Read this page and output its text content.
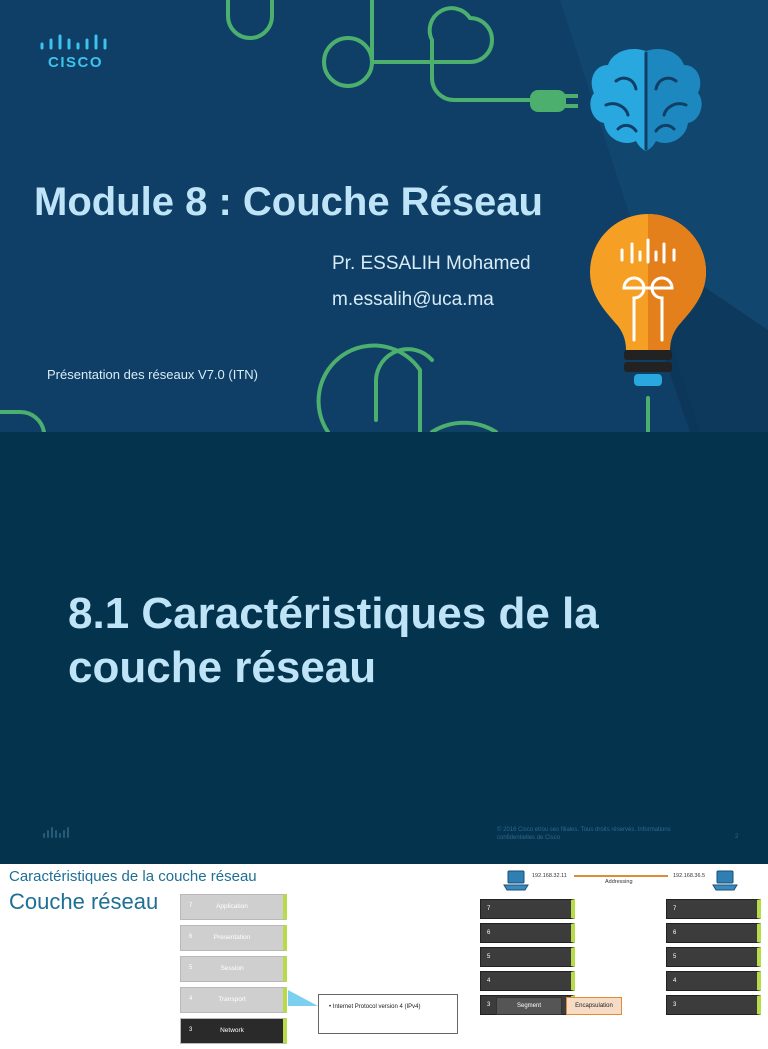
CISCO
Module 8 : Couche Réseau
Pr. ESSALIH Mohamed
m.essalih@uca.ma
Présentation des réseaux V7.0 (ITN)
8.1 Caractéristiques de la couche réseau
© 2016 Cisco et/ou ses filiales. Tous droits réservés. Informations confidentielles de Cisco	2
Caractéristiques de la couche réseau
Couche réseau	7	Application
6	Presentation
5	Session
4	Transport
3	Network
• Internet Protocol version 4 (IPv4)
192.168.32.11
Addressing
192.168.36.5
7
6
5
4
3	Segment	Encapsulation
7
6
5
4
3
